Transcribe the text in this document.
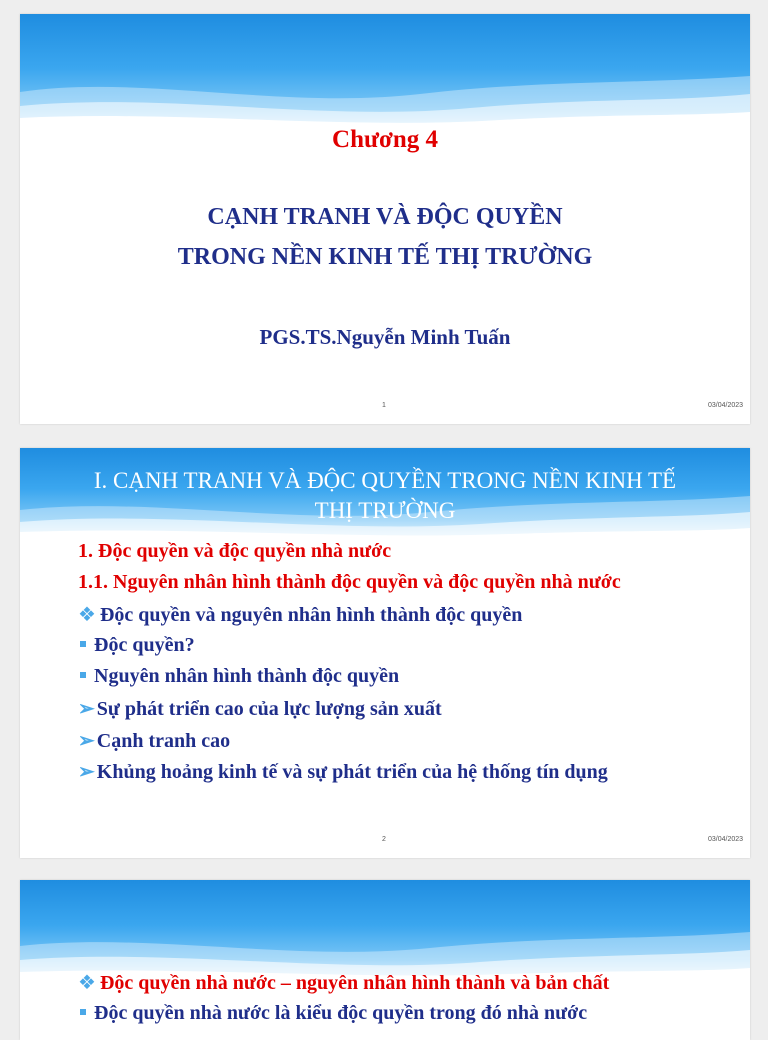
Chương 4
CẠNH TRANH VÀ ĐỘC QUYỀN
TRONG NỀN KINH TẾ THỊ TRƯỜNG
PGS.TS.Nguyễn Minh Tuấn
1	03/04/2023
I. CẠNH TRANH VÀ ĐỘC QUYỀN TRONG NỀN KINH TẾ
THỊ TRƯỜNG
1. Độc quyền và độc quyền nhà nước
1.1. Nguyên nhân hình thành độc quyền và độc quyền nhà nước
❖ Độc quyền và nguyên nhân hình thành độc quyền
Độc quyền?
Nguyên nhân hình thành độc quyền
➢ Sự phát triển cao của lực lượng sản xuất
➢ Cạnh tranh cao
➢ Khủng hoảng kinh tế và sự phát triển của hệ thống tín dụng
2	03/04/2023
❖ Độc quyền nhà nước – nguyên nhân hình thành và bản chất
Độc quyền nhà nước là kiểu độc quyền trong đó nhà nước
